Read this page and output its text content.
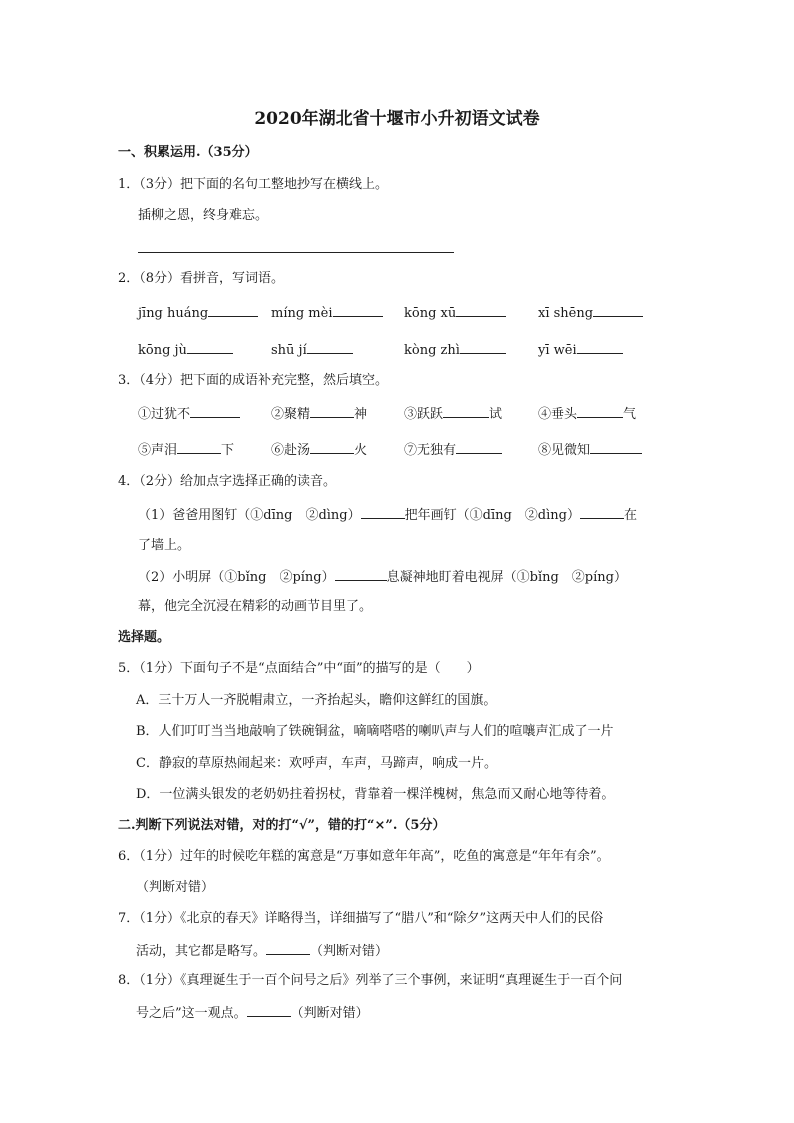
2020年湖北省十堰市小升初语文试卷
一、积累运用.（35分）
1．（3分）把下面的名句工整地抄写在横线上。
插柳之恩，终身难忘。
2．（8分）看拼音，写词语。
jīng huáng	míng mèi	kōng xū	xī shēng
kōng jù	shū jí	kòng zhì	yī wēi
3．（4分）把下面的成语补充完整，然后填空。
①过犹不	②聚精	神	③跃跃	试	④垂头	气
⑤声泪	下	⑥赴汤	火	⑦无独有	⑧见微知
4．（2分）给加点字选择正确的读音。
（1）爸爸用图钉（①dīng　②dìng）	把年画钉（①dīng　②dìng）	在
了墙上。
（2）小明屏（①bǐng　②píng）	息凝神地盯着电视屏（①bǐng　②píng）
幕，他完全沉浸在精彩的动画节目里了。
选择题。
5．（1分）下面句子不是“点面结合”中“面”的描写的是（　　）
A．三十万人一齐脱帽肃立，一齐抬起头，瞻仰这鲜红的国旗。
B．人们叮叮当当地敲响了铁碗铜盆，嘀嘀嗒嗒的喇叭声与人们的喧嚷声汇成了一片
C．静寂的草原热闹起来：欢呼声，车声，马蹄声，响成一片。
D．一位满头银发的老奶奶拄着拐杖，背靠着一棵洋槐树，焦急而又耐心地等待着。
二.判断下列说法对错，对的打“√”，错的打“×”.（5分）
6．（1分）过年的时候吃年糕的寓意是“万事如意年年高”，吃鱼的寓意是“年年有余”。
（判断对错）
7．（1分）《北京的春天》详略得当，详细描写了“腊八”和“除夕”这两天中人们的民俗
活动，其它都是略写。	（判断对错）
8．（1分）《真理诞生于一百个问号之后》列举了三个事例，来证明“真理诞生于一百个问
号之后”这一观点。	（判断对错）
